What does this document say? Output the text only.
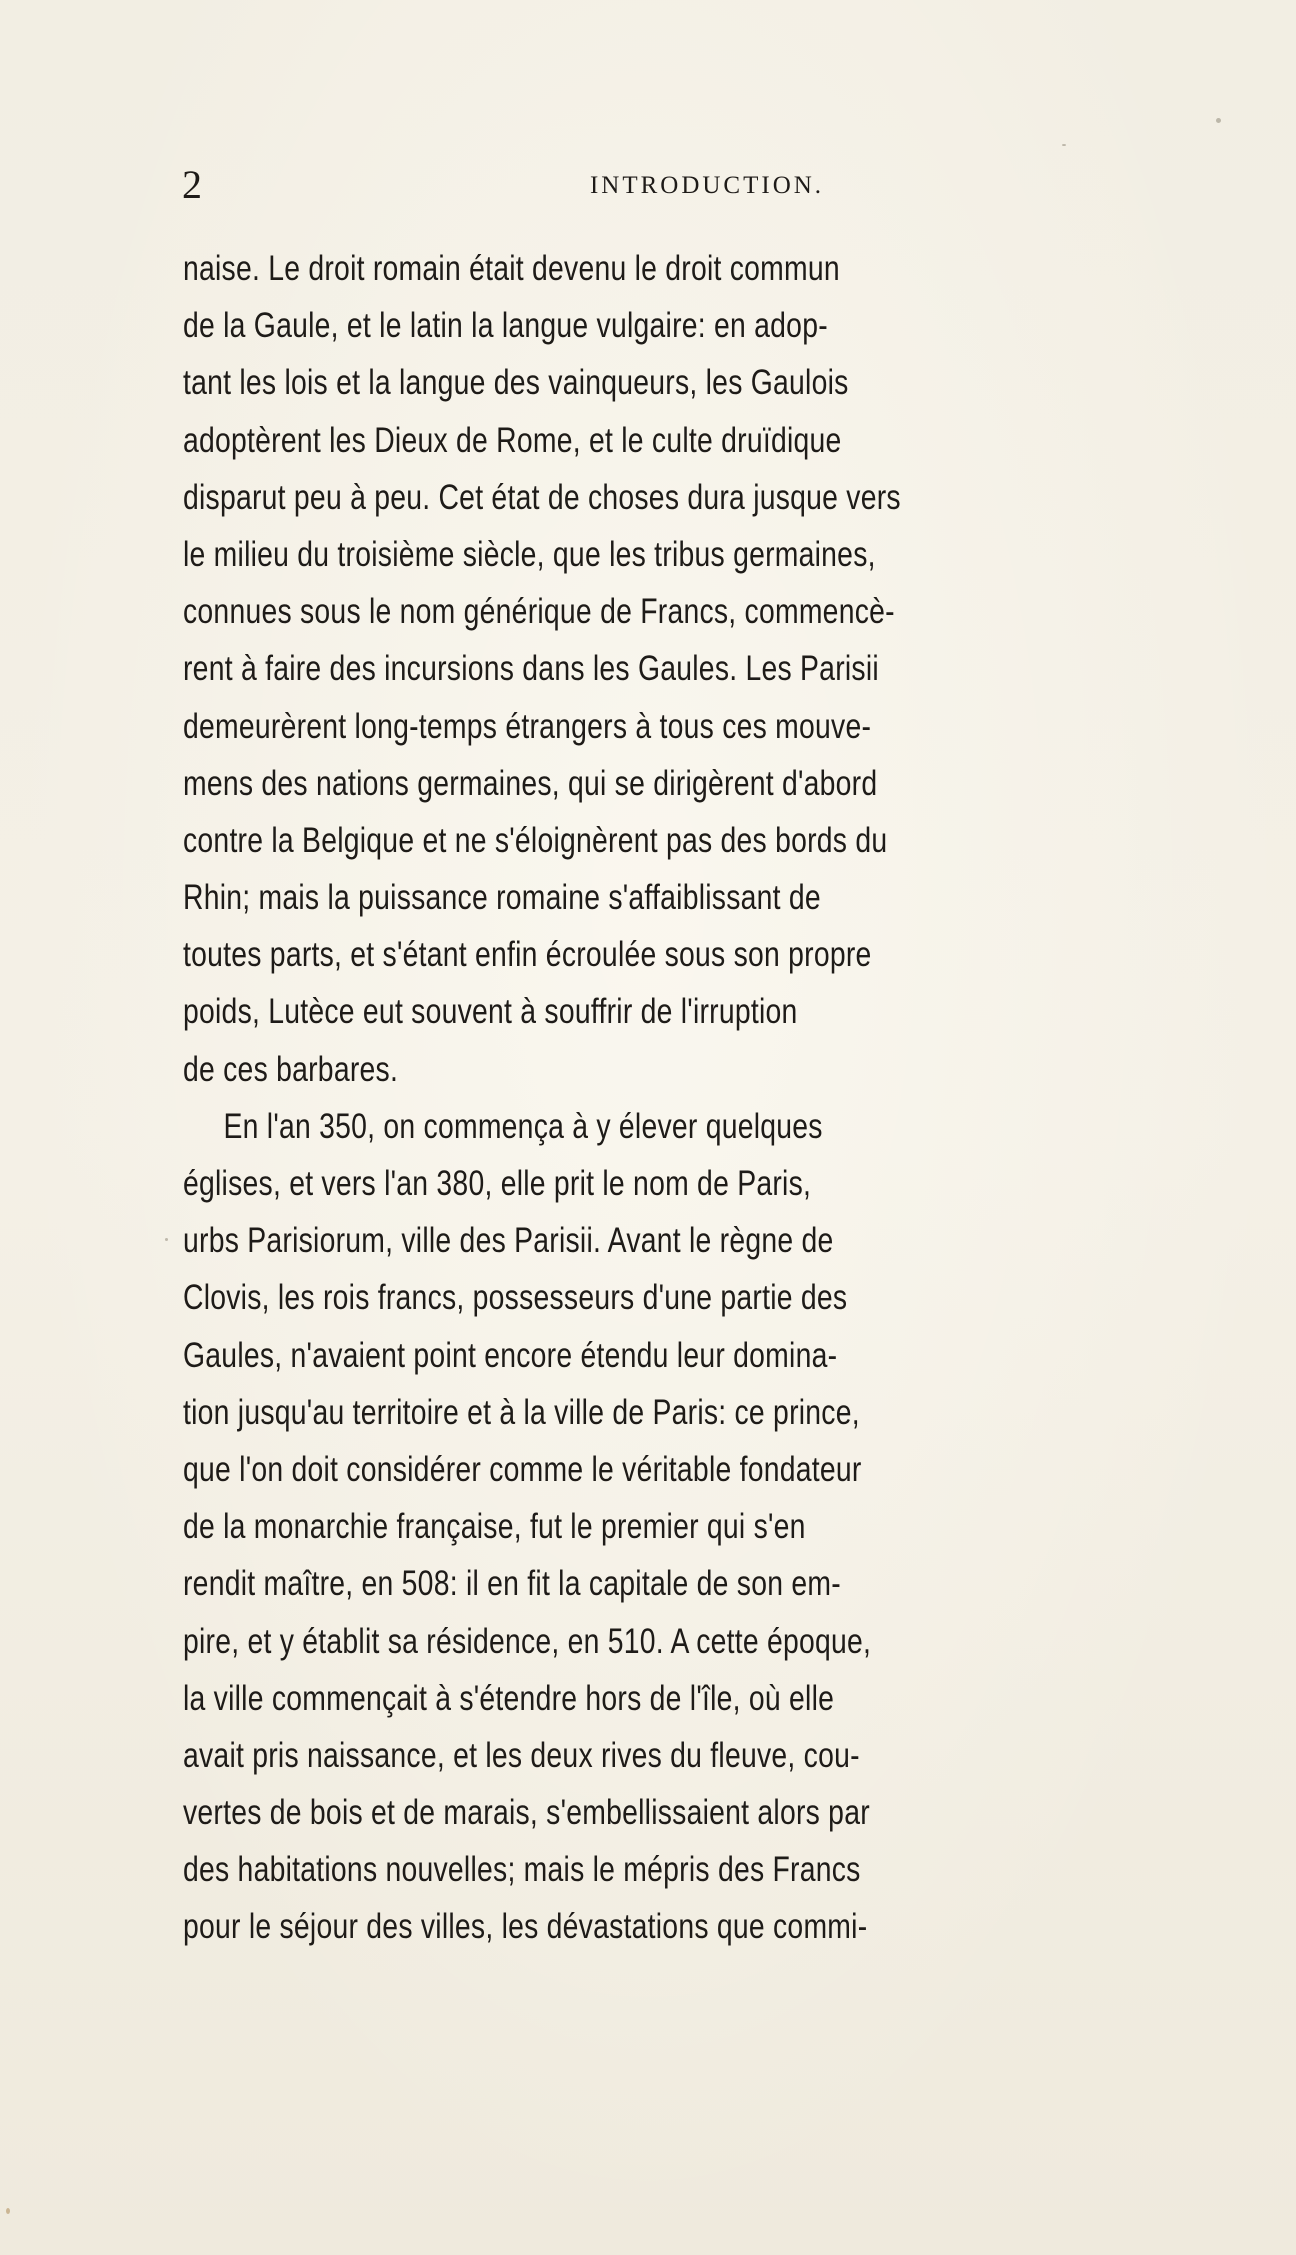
2	INTRODUCTION.
naise. Le droit romain était devenu le droit commun
de la Gaule, et le latin la langue vulgaire: en adop-
tant les lois et la langue des vainqueurs, les Gaulois
adoptèrent les Dieux de Rome, et le culte druïdique
disparut peu à peu. Cet état de choses dura jusque vers
le milieu du troisième siècle, que les tribus germaines,
connues sous le nom générique de Francs, commencè-
rent à faire des incursions dans les Gaules. Les Parisii
demeurèrent long-temps étrangers à tous ces mouve-
mens des nations germaines, qui se dirigèrent d'abord
contre la Belgique et ne s'éloignèrent pas des bords du
Rhin; mais la puissance romaine s'affaiblissant de
toutes parts, et s'étant enfin écroulée sous son propre
poids, Lutèce eut souvent à souffrir de l'irruption
de ces barbares.
En l'an 350, on commença à y élever quelques
églises, et vers l'an 380, elle prit le nom de Paris,
urbs Parisiorum, ville des Parisii. Avant le règne de
Clovis, les rois francs, possesseurs d'une partie des
Gaules, n'avaient point encore étendu leur domina-
tion jusqu'au territoire et à la ville de Paris: ce prince,
que l'on doit considérer comme le véritable fondateur
de la monarchie française, fut le premier qui s'en
rendit maître, en 508: il en fit la capitale de son em-
pire, et y établit sa résidence, en 510. A cette époque,
la ville commençait à s'étendre hors de l'île, où elle
avait pris naissance, et les deux rives du fleuve, cou-
vertes de bois et de marais, s'embellissaient alors par
des habitations nouvelles; mais le mépris des Francs
pour le séjour des villes, les dévastations que commi-
